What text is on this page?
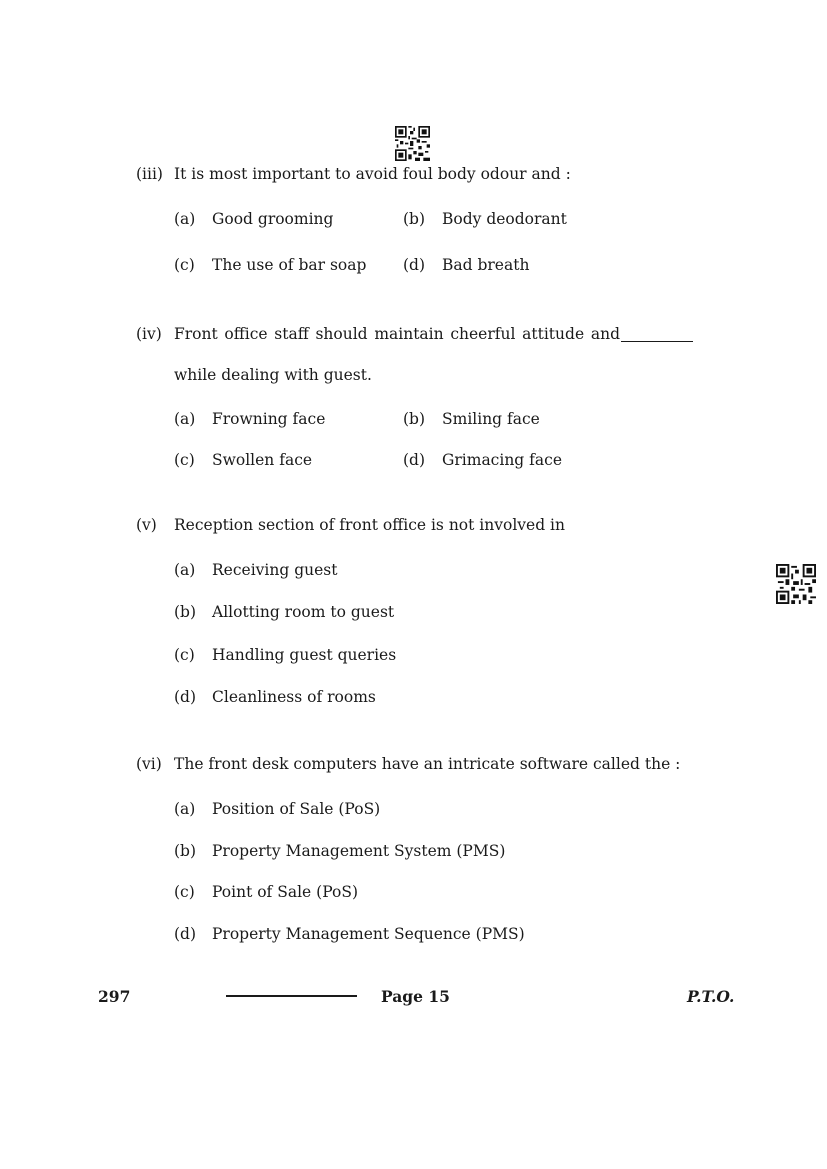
(iii) It is most important to avoid foul body odour and :
(a) Good grooming	(b) Body deodorant
(c) The use of bar soap (d) Bad breath
(iv) Front office staff should maintain cheerful attitude and
while dealing with guest.
(a) Frowning face	(b) Smiling face
(c) Swollen face	(d) Grimacing face
(v) Reception section of front office is not involved in
(a) Receiving guest
(b) Allotting room to guest
(c) Handling guest queries
(d) Cleanliness of rooms
(vi) The front desk computers have an intricate software called the :
(a) Position of Sale (PoS)
(b) Property Management System (PMS)
(c) Point of Sale (PoS)
(d) Property Management Sequence (PMS)
297	Page 15	P.T.O.
